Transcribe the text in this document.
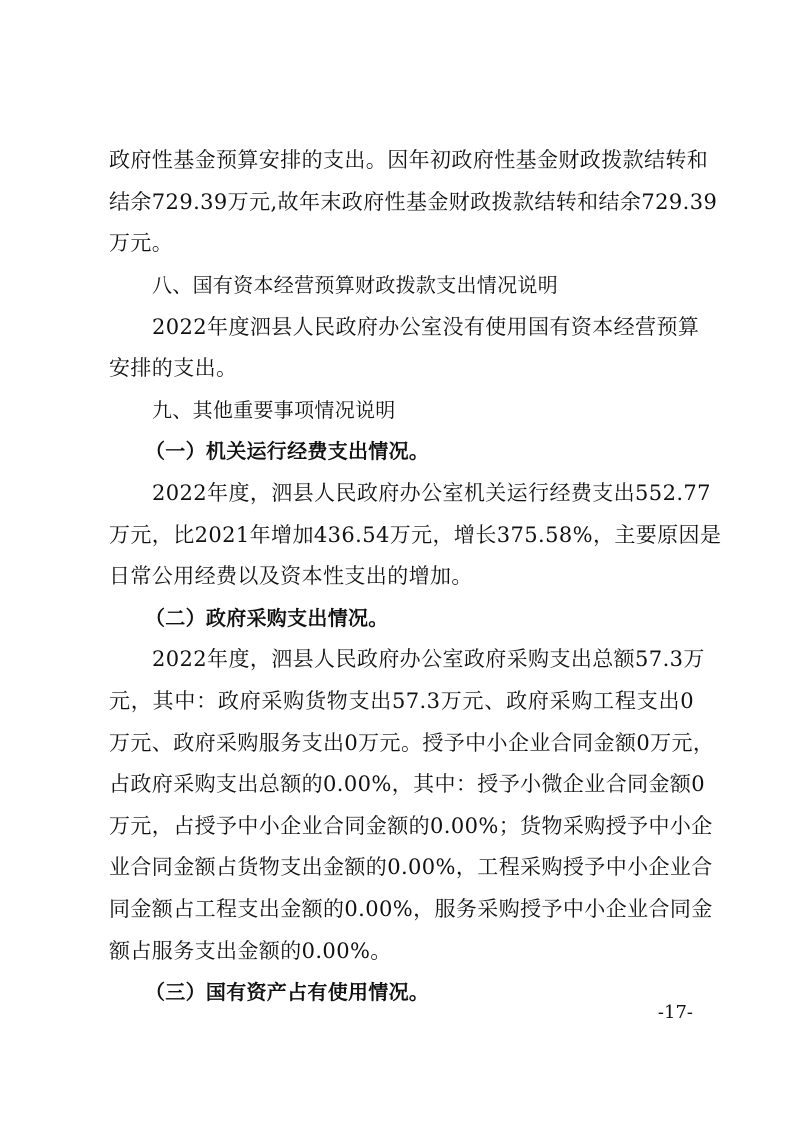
政府性基金预算安排的支出。因年初政府性基金财政拨款结转和
结余729.39万元,故年末政府性基金财政拨款结转和结余729.39
万元。
八、国有资本经营预算财政拨款支出情况说明
2022年度泗县人民政府办公室没有使用国有资本经营预算
安排的支出。
九、其他重要事项情况说明
（一）机关运行经费支出情况。
2022年度，泗县人民政府办公室机关运行经费支出552.77
万元，比2021年增加436.54万元，增长375.58%，主要原因是
日常公用经费以及资本性支出的增加。
（二）政府采购支出情况。
2022年度，泗县人民政府办公室政府采购支出总额57.3万
元，其中：政府采购货物支出57.3万元、政府采购工程支出0
万元、政府采购服务支出0万元。授予中小企业合同金额0万元，
占政府采购支出总额的0.00%，其中：授予小微企业合同金额0
万元，占授予中小企业合同金额的0.00%；货物采购授予中小企
业合同金额占货物支出金额的0.00%，工程采购授予中小企业合
同金额占工程支出金额的0.00%，服务采购授予中小企业合同金
额占服务支出金额的0.00%。
（三）国有资产占有使用情况。
-17-
